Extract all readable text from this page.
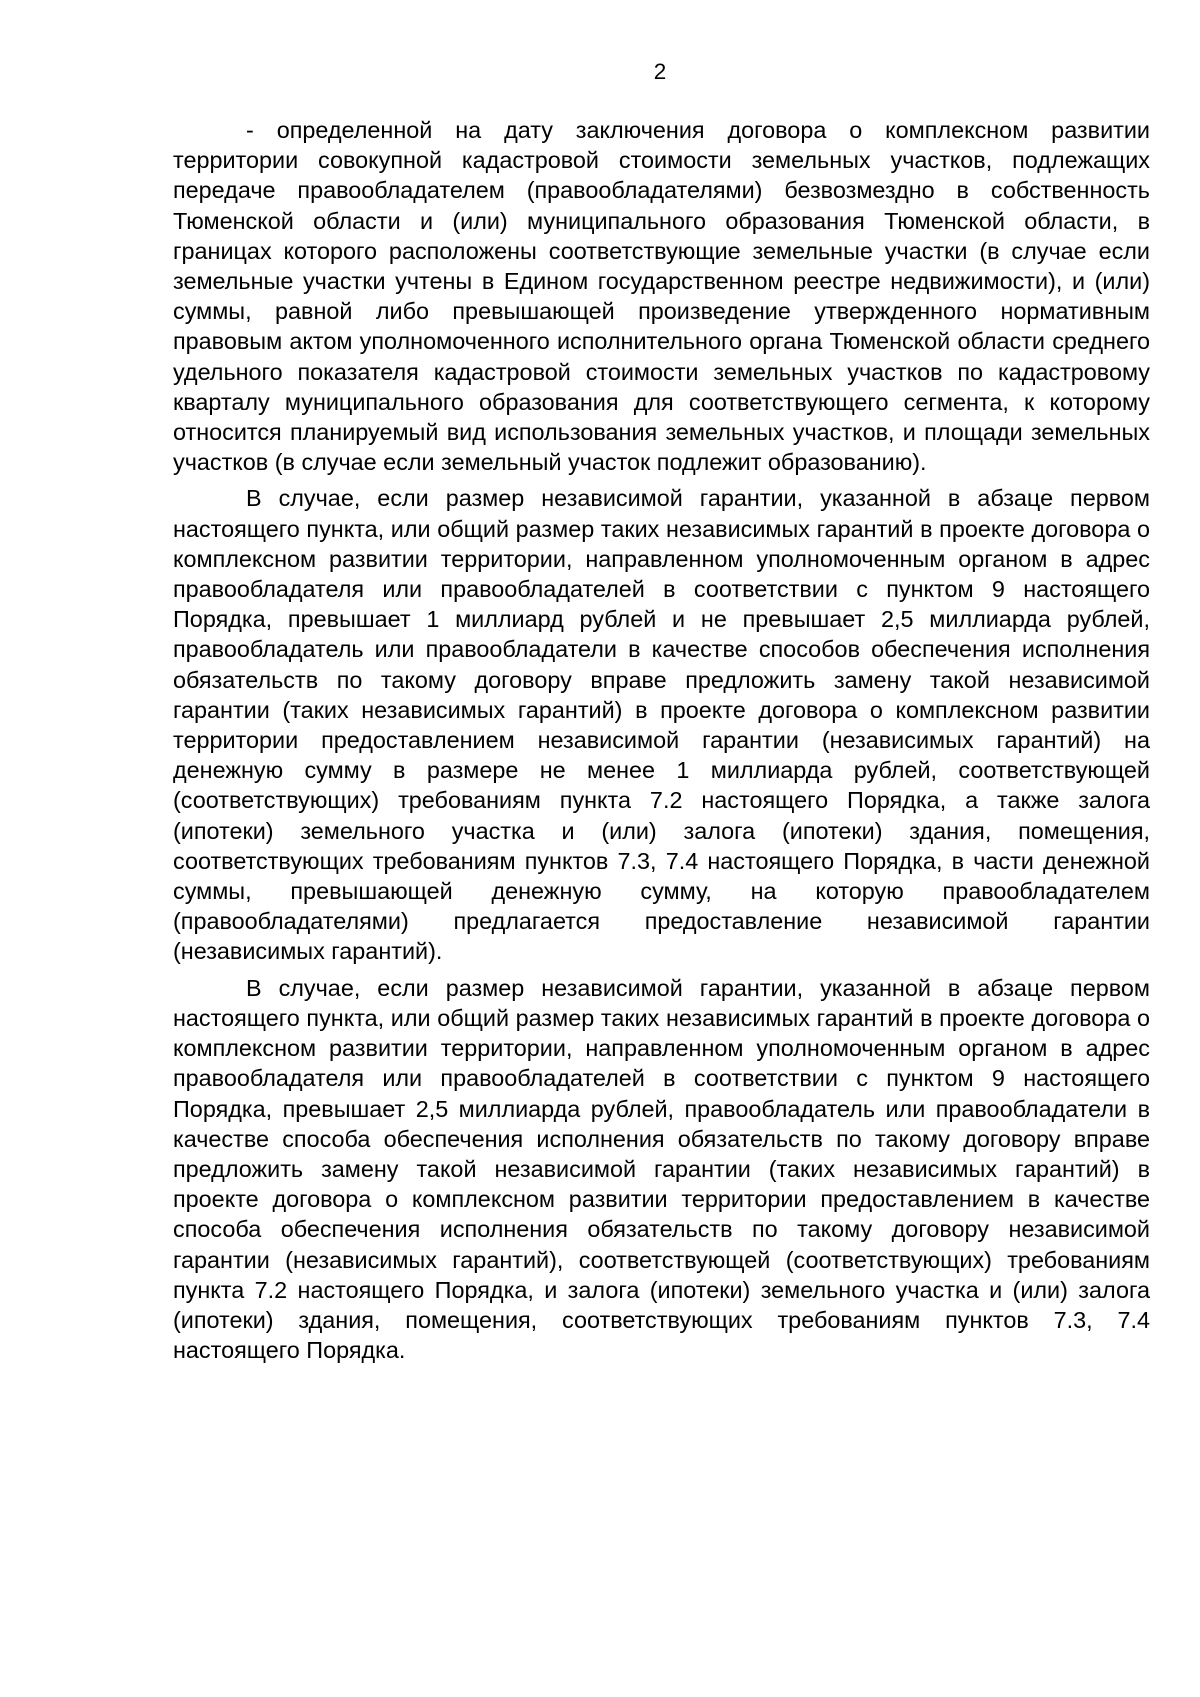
2

- определенной на дату заключения договора о комплексном развитии территории совокупной кадастровой стоимости земельных участков, подлежащих передаче правообладателем (правообладателями) безвозмездно в собственность Тюменской области и (или) муниципального образования Тюменской области, в границах которого расположены соответствующие земельные участки (в случае если земельные участки учтены в Едином государственном реестре недвижимости), и (или) суммы, равной либо превышающей произведение утвержденного нормативным правовым актом уполномоченного исполнительного органа Тюменской области среднего удельного показателя кадастровой стоимости земельных участков по кадастровому кварталу муниципального образования для соответствующего сегмента, к которому относится планируемый вид использования земельных участков, и площади земельных участков (в случае если земельный участок подлежит образованию).

В случае, если размер независимой гарантии, указанной в абзаце первом настоящего пункта, или общий размер таких независимых гарантий в проекте договора о комплексном развитии территории, направленном уполномоченным органом в адрес правообладателя или правообладателей в соответствии с пунктом 9 настоящего Порядка, превышает 1 миллиард рублей и не превышает 2,5 миллиарда рублей, правообладатель или правообладатели в качестве способов обеспечения исполнения обязательств по такому договору вправе предложить замену такой независимой гарантии (таких независимых гарантий) в проекте договора о комплексном развитии территории предоставлением независимой гарантии (независимых гарантий) на денежную сумму в размере не менее 1 миллиарда рублей, соответствующей (соответствующих) требованиям пункта 7.2 настоящего Порядка, а также залога (ипотеки) земельного участка и (или) залога (ипотеки) здания, помещения, соответствующих требованиям пунктов 7.3, 7.4 настоящего Порядка, в части денежной суммы, превышающей денежную сумму, на которую правообладателем (правообладателями) предлагается предоставление независимой гарантии (независимых гарантий).

В случае, если размер независимой гарантии, указанной в абзаце первом настоящего пункта, или общий размер таких независимых гарантий в проекте договора о комплексном развитии территории, направленном уполномоченным органом в адрес правообладателя или правообладателей в соответствии с пунктом 9 настоящего Порядка, превышает 2,5 миллиарда рублей, правообладатель или правообладатели в качестве способа обеспечения исполнения обязательств по такому договору вправе предложить замену такой независимой гарантии (таких независимых гарантий) в проекте договора о комплексном развитии территории предоставлением в качестве способа обеспечения исполнения обязательств по такому договору независимой гарантии (независимых гарантий), соответствующей (соответствующих) требованиям пункта 7.2 настоящего Порядка, и залога (ипотеки) земельного участка и (или) залога (ипотеки) здания, помещения, соответствующих требованиям пунктов 7.3, 7.4 настоящего Порядка.
